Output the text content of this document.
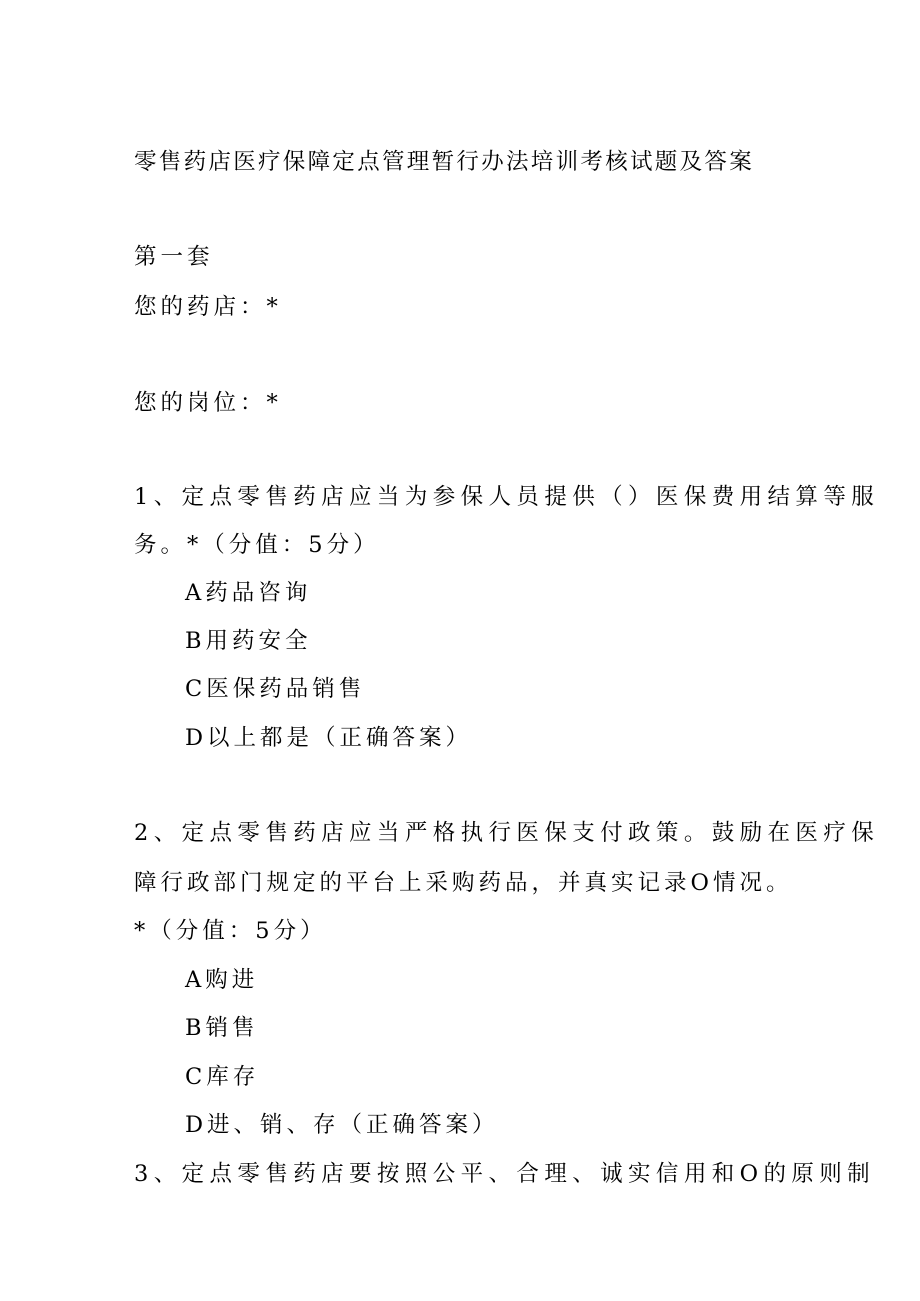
零售药店医疗保障定点管理暂行办法培训考核试题及答案
第一套
您的药店：*
您的岗位：*
1、定点零售药店应当为参保人员提供（）医保费用结算等服
务。*（分值：5分）
A药品咨询
B用药安全
C医保药品销售
D以上都是（正确答案）
2、定点零售药店应当严格执行医保支付政策。鼓励在医疗保
障行政部门规定的平台上采购药品，并真实记录O情况。
*（分值：5分）
A购进
B销售
C库存
D进、销、存（正确答案）
3、定点零售药店要按照公平、合理、诚实信用和O的原则制
